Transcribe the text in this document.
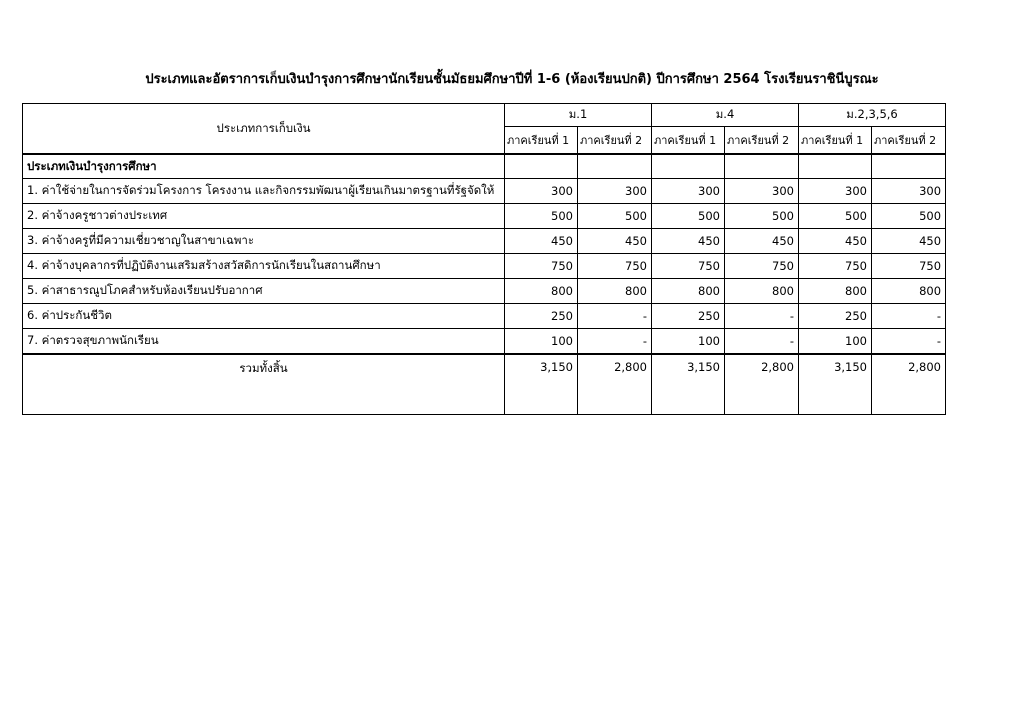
ประเภทและอัตราการเก็บเงินบำรุงการศึกษานักเรียนชั้นมัธยมศึกษาปีที่ 1-6 (ห้องเรียนปกติ) ปีการศึกษา 2564 โรงเรียนราชินีบูรณะ
ประเภทการเก็บเงิน	ม.1		ม.4		ม.2,3,5,6	
	ภาคเรียนที่ 1	ภาคเรียนที่ 2	ภาคเรียนที่ 1	ภาคเรียนที่ 2	ภาคเรียนที่ 1	ภาคเรียนที่ 2
ประเภทเงินบำรุงการศึกษา						
1. ค่าใช้จ่ายในการจัดร่วมโครงการ โครงงาน และกิจกรรมพัฒนาผู้เรียนเกินมาตรฐานที่รัฐจัดให้	300	300	300	300	300	300
2. ค่าจ้างครูชาวต่างประเทศ	500	500	500	500	500	500
3. ค่าจ้างครูที่มีความเชี่ยวชาญในสาขาเฉพาะ	450	450	450	450	450	450
4. ค่าจ้างบุคลากรที่ปฏิบัติงานเสริมสร้างสวัสดิการนักเรียนในสถานศึกษา	750	750	750	750	750	750
5. ค่าสาธารณูปโภคสำหรับห้องเรียนปรับอากาศ	800	800	800	800	800	800
6. ค่าประกันชีวิต	250	-	250	-	250	-
7. ค่าตรวจสุขภาพนักเรียน	100	-	100	-	100	-
รวมทั้งสิ้น	3,150	2,800	3,150	2,800	3,150	2,800
